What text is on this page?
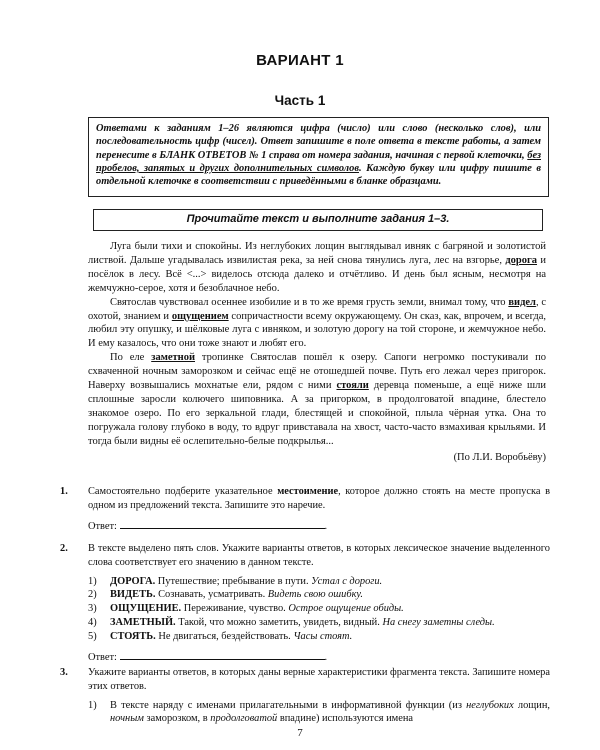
ВАРИАНТ 1
Часть 1
Ответами к заданиям 1–26 являются цифра (число) или слово (несколько слов), или последовательность цифр (чисел). Ответ запишите в поле ответа в тексте работы, а затем перенесите в БЛАНК ОТВЕТОВ № 1 справа от номера задания, начиная с первой клеточки, без пробелов, запятых и других дополнительных символов. Каждую букву или цифру пишите в отдельной клеточке в соответствии с приведёнными в бланке образцами.
Прочитайте текст и выполните задания 1–3.

Луга были тихи и спокойны. Из неглубоких лощин выглядывал ивняк с багряной и золотистой листвой. Дальше угадывалась извилистая река, за ней снова тянулись луга, лес на взгорье, дорога и посёлок в лесу. Всё <...> виделось отсюда далеко и отчётливо. И день был ясным, несмотря на жемчужно-серое, хотя и безоблачное небо.

Святослав чувствовал осеннее изобилие и в то же время грусть земли, внимал тому, что видел, с охотой, знанием и ощущением сопричастности всему окружающему. Он сказ, как, впрочем, и всегда, любил эту опушку, и шёлковые луга с ивняком, и золотую дорогу на той стороне, и жемчужное небо. И ему казалось, что они тоже знают и любят его.

По еле заметной тропинке Святослав пошёл к озеру. Сапоги негромко постукивали по схваченной ночным заморозком и сейчас ещё не отошедшей почве. Путь его лежал через пригорок. Наверху возвышались мохнатые ели, рядом с ними стояли деревца поменьше, а ещё ниже шли сплошные заросли колючего шиповника. А за пригорком, в продолговатой впадине, блестело знакомое озеро. По его зеркальной глади, блестящей и спокойной, плыла чёрная утка. Она то погружала голову глубоко в воду, то вдруг привставала на хвост, часто-часто взмахивая крыльями. И тогда были видны её ослепительно-белые подкрылья...

(По Л.И. Воробьёву)

1. Самостоятельно подберите указательное местоимение, которое должно стоять на месте пропуска в одном из предложений текста. Запишите это наречие.
Ответ:	.
2. В тексте выделено пять слов. Укажите варианты ответов, в которых лексическое значение выделенного слова соответствует его значению в данном тексте.
1)	ДОРОГА. Путешествие; пребывание в пути. Устал с дороги.
2)	ВИДЕТЬ. Сознавать, усматривать. Видеть свою ошибку.
3)	ОЩУЩЕНИЕ. Переживание, чувство. Острое ощущение обиды.
4)	ЗАМЕТНЫЙ. Такой, что можно заметить, увидеть, видный. На снегу заметны следы.
5)	СТОЯТЬ. Не двигаться, бездействовать. Часы стоят.
Ответ:	.
3. Укажите варианты ответов, в которых даны верные характеристики фрагмента текста. Запишите номера этих ответов.
1)	В тексте наряду с именами прилагательными в информативной функции (из неглубоких лощин, ночным заморозком, в продолговатой впадине) используются имена
7
